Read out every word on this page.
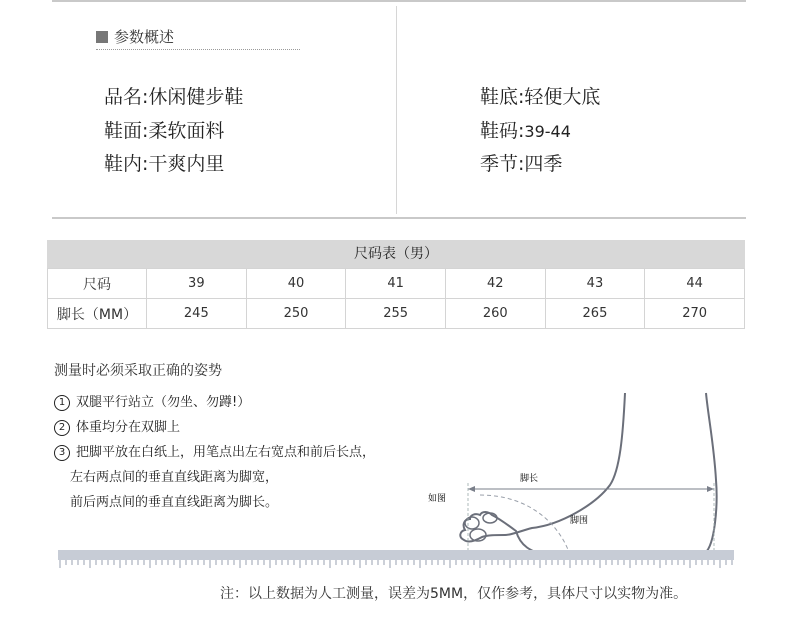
参数概述
品名:休闲健步鞋
鞋面:柔软面料
鞋内:干爽内里
鞋底:轻便大底
鞋码:39-44
季节:四季
尺码表（男）
尺码	39	40	41	42	43	44
脚长（MM）	245	250	255	260	265	270
测量时必须采取正确的姿势
1 双腿平行站立（勿坐、勿蹲!）
2 体重均分在双脚上
3 把脚平放在白纸上，用笔点出左右宽点和前后长点，
左右两点间的垂直直线距离为脚宽，
前后两点间的垂直直线距离为脚长。
脚长
如图
脚围
注：以上数据为人工测量，误差为5MM，仅作参考，具体尺寸以实物为准。
